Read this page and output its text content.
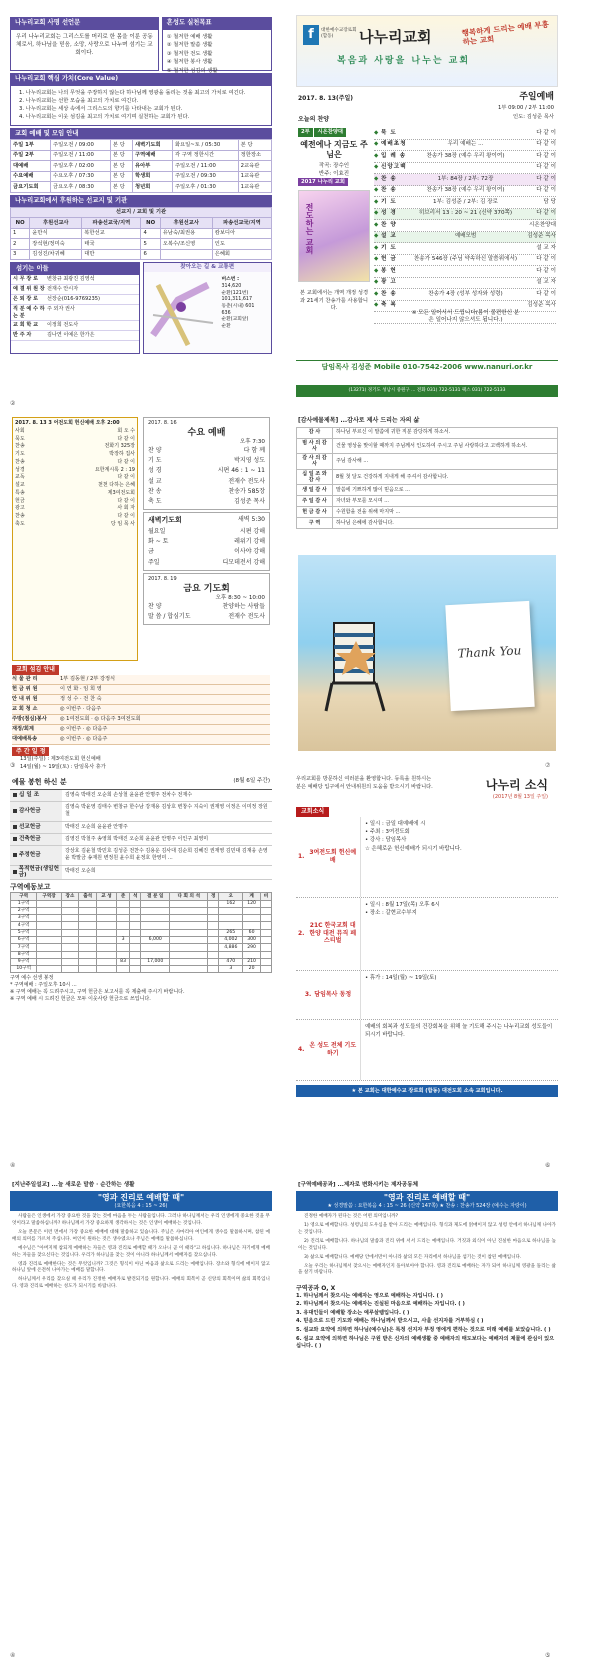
나누리교회 사명 선언문

우리 나누리교회는 그리스도를 머리로 한 몸을 이룬 공동체로서, 하나님을 믿음, 소망, 사랑으로 나누며 섬기는 교회이다.

혼성도 실천목표
① 철저한 예배 생활
② 철저한 말씀 생활
③ 철저한 전도 생활
④ 철저한 봉사 생활
⑤ 철저한 섬김의 생활
나누리교회 핵심 가치(Core Value)
1. 나누리교회는 나의 무엇을 주장하지 않는다 하나님께 영광을 돌리는 것을 최고의 가치로 여긴다.
2. 나누리교회는 선한 모습을 최고의 가치로 여긴다.
3. 나누리교회는 세상 속에서 그리스도의 향기를 나타내는 교회가 된다.
4. 나누리교회는 이웃 섬김을 최고의 가치로 여기며 실천하는 교회가 된다.
교회 예배 및 모임 안내
주일 1부	주일오전 / 09:00	본 당	새벽기도회	화요일~토 / 05:30	본 당
주일 2부	주일오전 / 11:00	본 당	구역예배	각 구역 정한시간	정한장소
대예배	주일오후 / 02:00	본 당	유아부	주일오전 / 11:00	2교육관
수요예배	수요오후 / 07:30	본 당	학생회	주일오전 / 09:30	1교육관
금요기도회	금요오후 / 08:30	본 당	청년회	주일오후 / 01:30	1교육관
나누리교회에서 후원하는 선교지 및 기관
선교지 / 교회 및 기관					
NO	후원선교사	파송선교국/지역	NO	후원선교사	파송선교국/지역
1	윤만식	복한선교	4	유남숙/최권용	캄보디아
2	장석현/정미숙	태국	5	오복수/조신영	인도
3	김성진/차귀혜	대만	6		은혜회
섬기는 이들
시 무 장 로	변창규 최광진 김영석
예 결 위 원 장 전재수 안시자
은 퇴 장 로	선장순(016-9769235)
직 분 예 수 하 는 분
주 외자 권사
교 회 학 교	이정희 전도사
반 주 자	김나연 이예은 한가은
찾아오는 길 & 교통편
버스번 :
314,620
순환(121번)
101,311,617
동춘(시내) 601
636
순환(교회앞)
순환
②
f	대한예수교장로회 (합동)	나누리교회	행복하게 드리는 예배 부흥하는 교회
복음과 사랑을 나누는 교회
2017. 8. 13(주일)	주일예배
1부 09:00 / 2부 11:00
인도: 김성준 목사
오늘의 찬양
2부 시온찬양대
예전에나 지금도 주님은
작곡: 장수인
반주: 이효진
2017 나누리 교회
전도하는 교회
본 교회에서는 개역 개정 성경과 21세기 찬송가를 사용합니다.
◆ 묵 도	다 같 이
◆ 예배초청	우리 예배는 ...	다 같 이
◆ 입 례 송	찬송가 38장 (예수 우리 왕이여)	다 같 이
◆ 신앙고백	다 같 이
◆ 찬 송	1부: 84장 / 2부: 72장	다 같 이
◆ 찬 송	찬송가 38장 (예수 우리 왕이여)	다 같 이
◆ 기 도	1부: 김성준 / 2부: 김 장로	담 당
◆ 성 경	히브리서 13 : 20 ~ 21 (신약 370쪽)	다 같 이
◆ 찬 양	시온찬양대
◆ 설 교	예배모범	김성준 목사
◆ 기 도	설 교 자
◆ 헌 금	찬송가 546장 (주님 약속하신 말씀위에서)	다 같 이
◆ 봉 헌	다 같 이
◆ 광 고	설 교 자
◆ 찬 송	찬송가 4장 (성부 성자와 성령)	다 같 이
◆ 축 복	김성준 목사
※ 모든 일어서서 드립니다(몸이 불편한신 분은 일어나지 않으셔도 됩니다.)
담임목사 김성준 Mobile 010-7542-2006 www.nanuri.or.kr
(13271) 경기도 성남시 중원구 ... 전화 031) 722-5131 팩스 031) 722-5133
2017. 8. 13 3 어전도회 헌신예배 오후 2:00
사회	회 오 수
묵도	다 같 이
찬송	전화기 325장
기도	박장하 집사
찬송	다 같 이
성경	요한계시록 2 : 19
교독	다 같 이
설교	천천 다하는 은혜
특송	제3여전도회
헌금	다 같 이
광고	사 회 자
찬송	다 같 이
축도	당 임 목 사
2017. 8. 16
수요 예배
오후 7:30
찬 양	다 함 께
기 도	박지영 성도
성 경	시편 46 : 1 ~ 11
설 교	전재수 전도사
찬 송	찬송가 585장
축 도	김성준 목사
새벽기도회	새벽 5:30
월요일	시편 강해
화 ~ 토	레위기 강해
금	이사야 강해
주일	디모데전서 강해
2017. 8. 19
금요 기도회
오후 8:30 ~ 10:00
찬 양	찬양하는 사람들
말 씀 / 합심기도	전재수 전도사
교회 섬김 안내
식 물 관 리	1부 김동현 / 2부 강정식
헌 금 위 원	이 연 화 · 임 희 영
안 내 위 원	정 성 수 · 전 찬 숙
교 회 청 소	◎ 이번주 · 다음주
주방(점심)봉사	◎ 1여전도회 · ◎ 다음주 3여전도회
재정/회계	◎ 이번주 · ◎ 다음주
대예배특송	◎ 이번주 · ◎ 다음주
주 간 일 정
13일(주일) : 제3여전도회 헌신예배
14일(월) ~ 19일(토) : 담임목사 휴가
③
[감사예물제목] ...감사로 제사 드리는 자의 삶
감 사	하나님 부르신 이 말씀에 귀한 직분 감당하게 하소서.
범 사 의 감 사	건물 영상을 맞이할 때까지 주님께서 인도하여 주시고 주님 사랑하다고 고백하게 하소서.
감 사 의 감 사	주님 감사해 ...
십 일 조 와 감 사	8월 첫 달도 건강하게 지내게 해 주셔서 감사합니다.
생 일 감 사	말씀에 기쁘하게 많이 믿음으로 ...
주 일 감 사	자녀와 부모를 모시며 ...
헌 금 감 사	수원함을 전을 위해 마지막 ...
구 역	하나님 은혜에 감사합니다.
Thank You
⑦
예물 봉헌 하신 분	(8월 6일 주간)
십 일 조	김영숙 박태진 오순희 손상철 윤윤관 안명주 전차수 전재수
감사헌금
김영숙 박윤영 김태수 변창규 한수남 강재용 김상호 변창수 지숙이 권재영 이정은 이미정 장원철
선교헌금	박태진 오순희 윤윤관 안명주
건축헌금	김영진 박철주 송영희 박태진 오순희 윤윤관 안명주 이인구 최영미
주정헌금
강상호 김윤철 박민호 김성준 전찬수 김용운 김사대 김순희 김혜진 권재영 김민대 김재웅 손영윤 박말금 송재원 변정원 윤수희 윤정호 한영미 ...
목적헌금(생일헌금)
박태진 오순희
구역예동보고
구역	구역장	장소	출석	교 성	준	석	결 분 일	다 회 의 석	정	오	계	비
1구역										162	120	
2구역												
3구역												
4구역												
5구역										265	60	
6구역					3		6,000			4,002	300	
7구역										4,886	290	
8구역												
9구역					83		17,000			470	210	
10구역										3	20	
구역 예수 선생 봉정
* 구역예배 : 주일오후 10시 ...
※ 구역 예배는 꼭 드려주시고, 구역 헌금은 보고서를 꼭 제출해 주시기 바랍니다.
※ 구역 예배 시 드려진 헌금은 모두 이웃사랑 헌금으로 쓰입니다.
④
우리교회를 방문하신 여러분을 환영합니다. 등록을 원하시는 분은 예배당 입구에서 안내위원의 도움을 받으시기 바랍니다.	나누리 소식
(2017년 8월 13일 주일)
교회소식
1.
3여전도회 헌신예배
• 일시 : 금일 대예배에 시
• 주최 : 3여전도회
• 강사 : 담임목사
☆ 은혜로운 헌신예배가 되시기 바랍니다.
2.
21C 한국교회 대한양 대전 뮤직 페스티벌
• 일시 : 8월 17일(목) 오후 6시
• 장소 : 갈현교수부지
3. 담임목사 동정
• 휴가 : 14일(월) ~ 19일(토)
4.
온 성도 전체 기도하기
예배의 회복과 성도들의 건강회복을 위해 늘 기도해 주시는 나누리교회 성도들이 되시기 바랍니다.
★ 본 교회는 대한예수교 장로회 (합동) 대전도회 소속 교회입니다.
⑥
[지난주일설교] ...늘 새로운 말씀 · 순간하는 생활
"영과 진리로 예배할 때"
(요한복음 4 : 15 ~ 26)

사람들은 인생에서 가장 중요한 것을 찾는 것에 마음을 두는 사람들입니다. 그러나 하나님께서는 우리 인생에게 중요한 것을 무엇이라고 말씀하십니까? 하나님께서 가장 중요하게 생각하시는 것은 인생이 예배하는 것입니다.

오늘 본문은 이런 면에서 가장 중요한 예배에 대해 말씀하고 있습니다. 주님은 사마리아 여인에게 생수를 말씀하시며, 참된 예배의 의미를 가르쳐 주십니다. 여인이 원하는 것은 생수였으나 주님은 예배를 말씀하십니다.

예수님은 "아버지께 참되게 예배하는 자들은 영과 진리로 예배할 때가 오나니 곧 이 때라"고 하십니다. 하나님은 자기에게 예배하는 자들을 찾으신다는 것입니다. 우리가 하나님을 찾는 것이 아니라 하나님께서 예배자를 찾으십니다.

영과 진리로 예배한다는 것은 무엇입니까? 그것은 형식이 아닌 마음과 삶으로 드리는 예배입니다. 장소와 형식에 매이지 않고 하나님 앞에 온전히 나아가는 예배를 말합니다.

하나님께서 우리를 찾으실 때 우리가 진정한 예배자로 발견되기를 원합니다. 예배의 회복이 곧 신앙의 회복이며 삶의 회복입니다. 영과 진리로 예배하는 성도가 되시기를 바랍니다.

④
[구역예배공과] ...제자로 변화시키는 제자공동체
"영과 진리로 예배할 때"
★ 성경말씀 : 요한복음 4 : 15 ~ 26 (신약 147쪽) ★ 찬송 : 찬송가 524장 (예수는 자랑이)

진정한 예배자가 된다는 것은 어떤 의미입니까?

1) 영으로 예배합니다. 성령님의 도우심을 받아 드리는 예배입니다. 형식과 제도에 얽매이지 않고 성령 안에서 하나님께 나아가는 것입니다.

2) 진리로 예배합니다. 하나님의 말씀과 진리 위에 서서 드리는 예배입니다. 거짓과 외식이 아닌 진실한 마음으로 하나님을 높이는 것입니다.

3) 삶으로 예배합니다. 예배당 안에서만이 아니라 삶의 모든 자리에서 하나님을 섬기는 것이 참된 예배입니다.

오늘 우리는 하나님께서 찾으시는 예배자인지 돌아보아야 합니다. 영과 진리로 예배하는 자가 되어 하나님께 영광을 돌리는 삶을 살기 바랍니다.

구역공과 O, X
1. 하나님께서 찾으시는 예배자는 영으로 예배하는 자입니다. ( )
2. 하나님께서 찾으시는 예배자는 진실된 마음으로 예배하는 자입니다. ( )
3. 유대인들이 예배할 장소는 예루살렘입니다. ( )
4. 믿음으로 드린 기도와 예배는 하나님께서 받으시고, 사울 선지자를 거부하심 ( )
5. 설교와 요약에 의하면 하나님(예수님)은 특정 선지자 부정 영에게 편하는 것으로 미래 예배를 보았습니다. ( )
6. 설교 요약에 의하면 하나님은 구원 받은 신자의 예배생활 중 예배자의 태도보다는 예배자의 제물에 관심이 있으십니다. ( )
⑤
